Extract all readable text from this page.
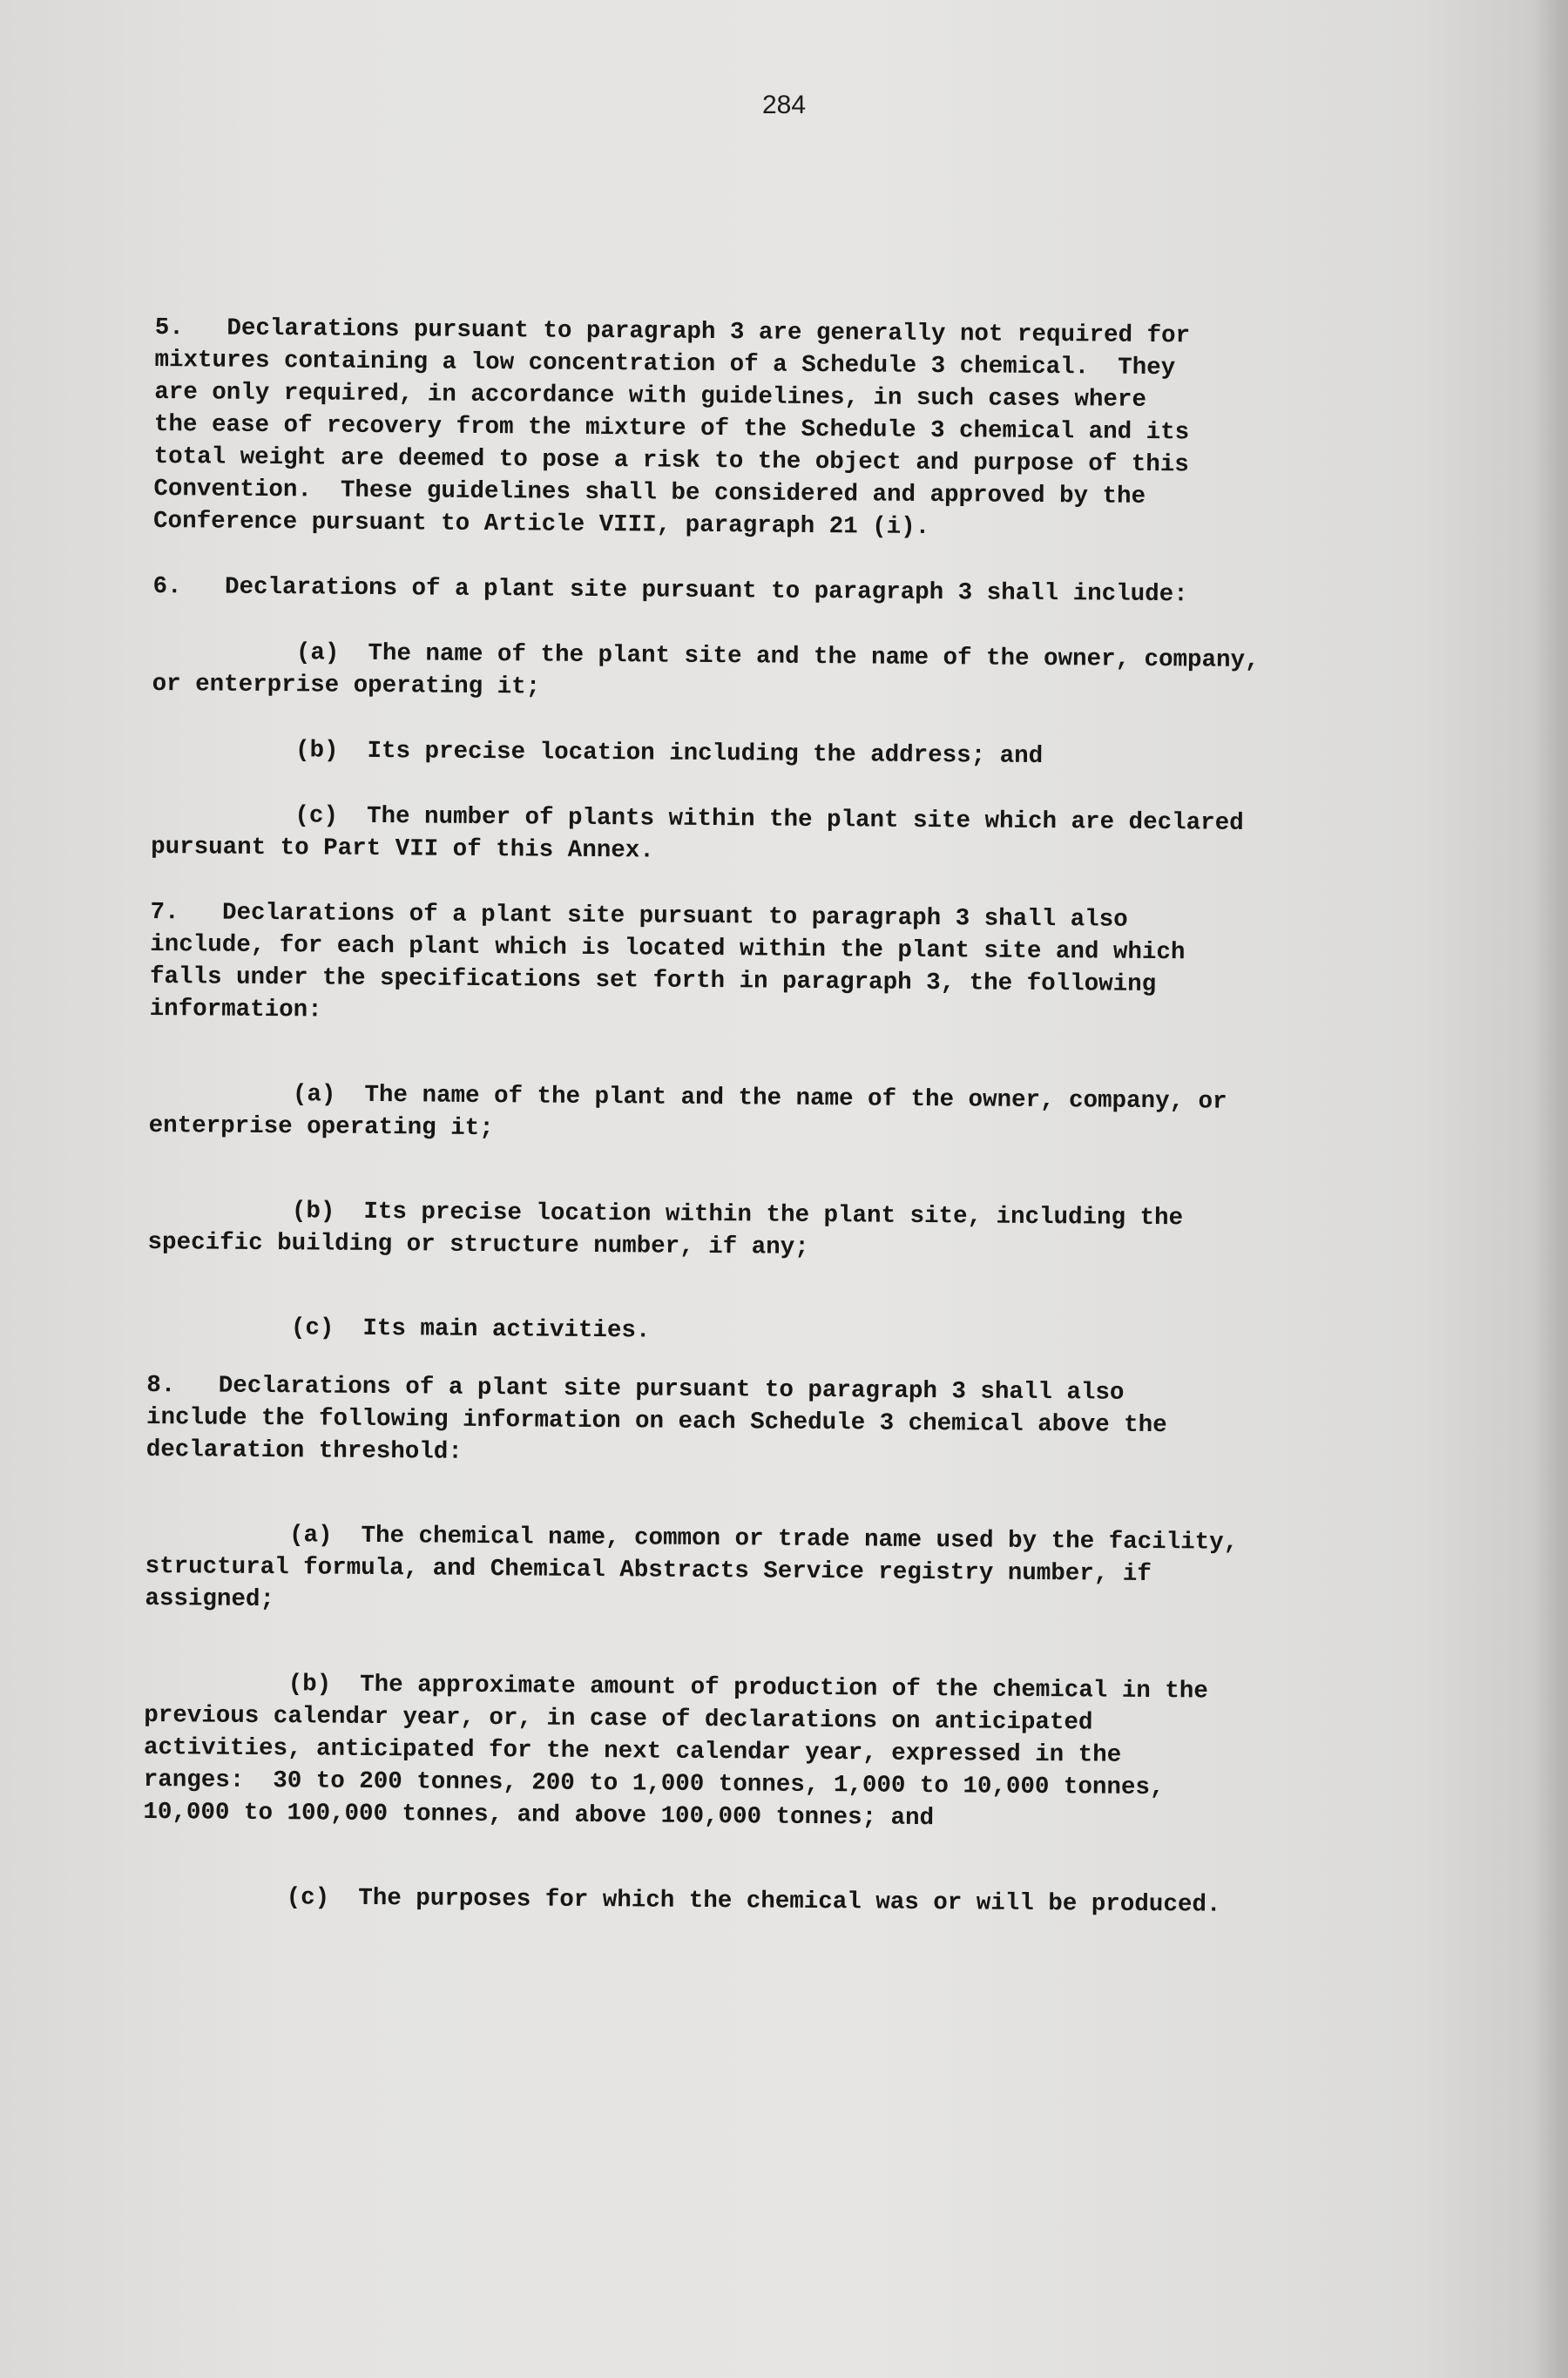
284

5.   Declarations pursuant to paragraph 3 are generally not required for

mixtures containing a low concentration of a Schedule 3 chemical.  They

are only required, in accordance with guidelines, in such cases where

the ease of recovery from the mixture of the Schedule 3 chemical and its

total weight are deemed to pose a risk to the object and purpose of this

Convention.  These guidelines shall be considered and approved by the

Conference pursuant to Article VIII, paragraph 21 (i).

6.   Declarations of a plant site pursuant to paragraph 3 shall include:

(a)  The name of the plant site and the name of the owner, company,

or enterprise operating it;

(b)  Its precise location including the address; and

(c)  The number of plants within the plant site which are declared

pursuant to Part VII of this Annex.

7.   Declarations of a plant site pursuant to paragraph 3 shall also

include, for each plant which is located within the plant site and which

falls under the specifications set forth in paragraph 3, the following

information:

(a)  The name of the plant and the name of the owner, company, or

enterprise operating it;

(b)  Its precise location within the plant site, including the

specific building or structure number, if any;

(c)  Its main activities.

8.   Declarations of a plant site pursuant to paragraph 3 shall also

include the following information on each Schedule 3 chemical above the

declaration threshold:

(a)  The chemical name, common or trade name used by the facility,

structural formula, and Chemical Abstracts Service registry number, if

assigned;

(b)  The approximate amount of production of the chemical in the

previous calendar year, or, in case of declarations on anticipated

activities, anticipated for the next calendar year, expressed in the

ranges:  30 to 200 tonnes, 200 to 1,000 tonnes, 1,000 to 10,000 tonnes,

10,000 to 100,000 tonnes, and above 100,000 tonnes; and

(c)  The purposes for which the chemical was or will be produced.
